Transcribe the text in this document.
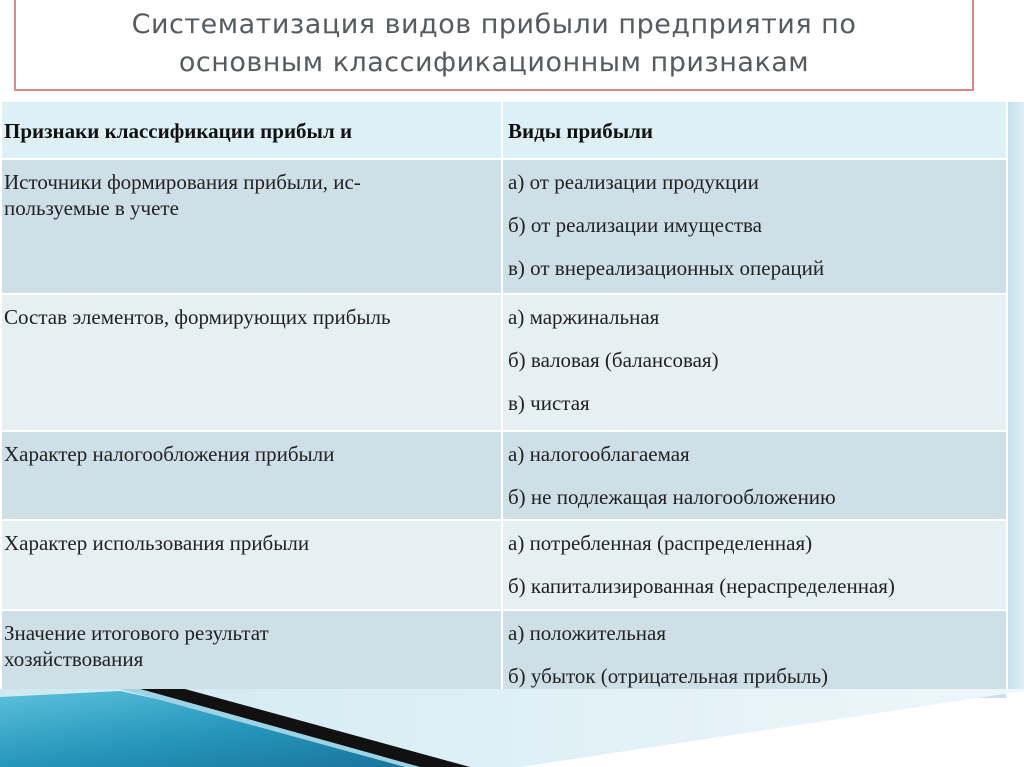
Систематизация видов прибыли предприятия по
основным классификационным признакам
Признаки классификации прибыл и	Виды прибыли

Источники формирования прибыли, ис-
пользуемые в учете	а) от реализации продукции
б) от реализации имущества
в) от внереализационных операций

Состав элементов, формирующих прибыль	а) маржинальная
б) валовая (балансовая)
в) чистая

Характер налогообложения прибыли	а) налогооблагаемая
б) не подлежащая налогообложению

Характер использования прибыли	а) потребленная (распределенная)
б) капитализированная (нераспределенная)

Значение итогового результат
хозяйствования	а) положительная
б) убыток (отрицательная прибыль)
